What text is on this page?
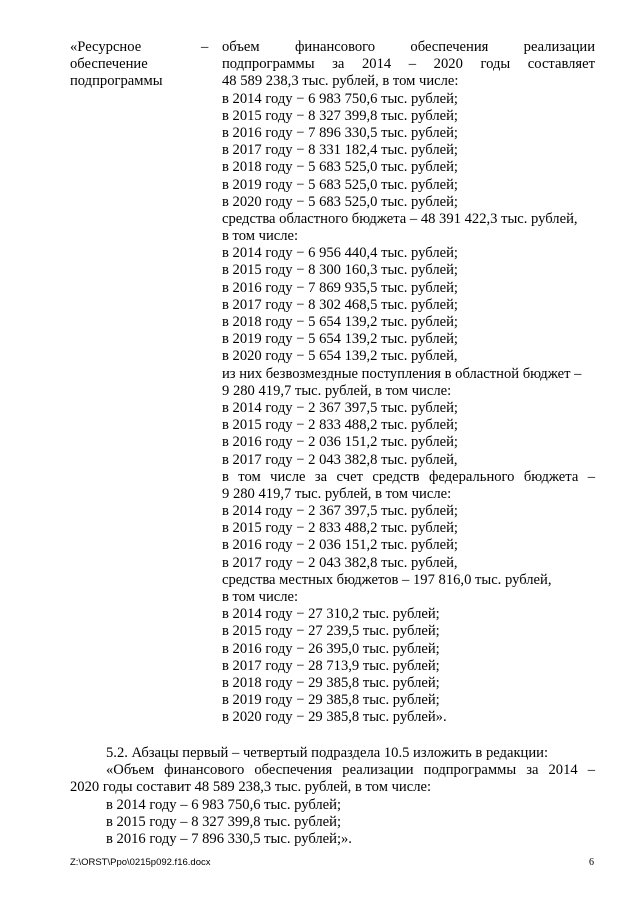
«Ресурсное
обеспечение
подпрограммы
– объем финансового обеспечения реализации
подпрограммы за 2014 – 2020 годы составляет
48 589 238,3 тыс. рублей, в том числе:
в 2014 году − 6 983 750,6 тыс. рублей;
в 2015 году − 8 327 399,8 тыс. рублей;
в 2016 году − 7 896 330,5 тыс. рублей;
в 2017 году − 8 331 182,4 тыс. рублей;
в 2018 году − 5 683 525,0 тыс. рублей;
в 2019 году − 5 683 525,0 тыс. рублей;
в 2020 году − 5 683 525,0 тыс. рублей;
средства областного бюджета – 48 391 422,3 тыс. рублей,
в том числе:
в 2014 году − 6 956 440,4 тыс. рублей;
в 2015 году − 8 300 160,3 тыс. рублей;
в 2016 году − 7 869 935,5 тыс. рублей;
в 2017 году − 8 302 468,5 тыс. рублей;
в 2018 году − 5 654 139,2 тыс. рублей;
в 2019 году − 5 654 139,2 тыс. рублей;
в 2020 году − 5 654 139,2 тыс. рублей,
из них безвозмездные поступления в областной бюджет –
9 280 419,7 тыс. рублей, в том числе:
в 2014 году − 2 367 397,5 тыс. рублей;
в 2015 году − 2 833 488,2 тыс. рублей;
в 2016 году − 2 036 151,2 тыс. рублей;
в 2017 году − 2 043 382,8 тыс. рублей,
в том числе за счет средств федерального бюджета –
9 280 419,7 тыс. рублей, в том числе:
в 2014 году − 2 367 397,5 тыс. рублей;
в 2015 году − 2 833 488,2 тыс. рублей;
в 2016 году − 2 036 151,2 тыс. рублей;
в 2017 году − 2 043 382,8 тыс. рублей,
средства местных бюджетов – 197 816,0 тыс. рублей,
в том числе:
в 2014 году − 27 310,2 тыс. рублей;
в 2015 году − 27 239,5 тыс. рублей;
в 2016 году − 26 395,0 тыс. рублей;
в 2017 году − 28 713,9 тыс. рублей;
в 2018 году − 29 385,8 тыс. рублей;
в 2019 году − 29 385,8 тыс. рублей;
в 2020 году − 29 385,8 тыс. рублей».
5.2. Абзацы первый – четвертый подраздела 10.5 изложить в редакции:
«Объем финансового обеспечения реализации подпрограммы за 2014 –
2020 годы составит 48 589 238,3 тыс. рублей, в том числе:
в 2014 году – 6 983 750,6 тыс. рублей;
в 2015 году – 8 327 399,8 тыс. рублей;
в 2016 году – 7 896 330,5 тыс. рублей;».
Z:\ORST\Ppo\0215p092.f16.docx	6
